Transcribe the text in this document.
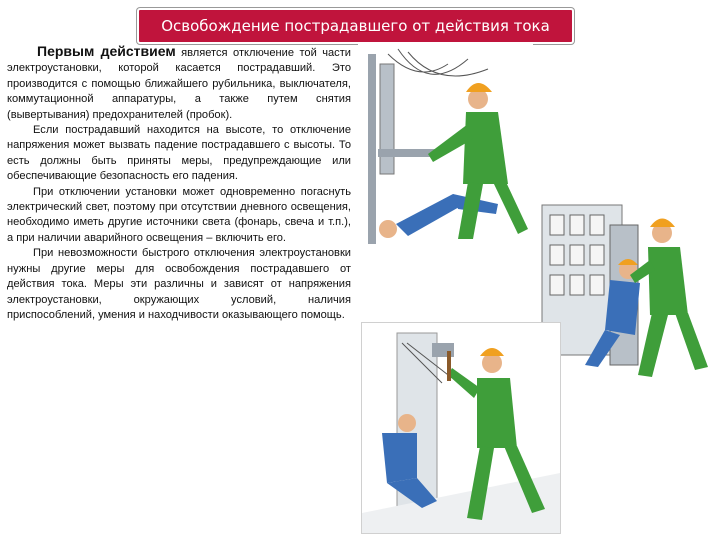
Освобождение пострадавшего от действия тока

Первым действием является отключение той части электроустановки, которой касается пострадавший. Это производится с помощью ближайшего рубильника, выключателя, коммутационной аппаратуры, а также путем снятия (вывертывания) предохранителей (пробок).

Если пострадавший находится на высоте, то отключение напряжения может вызвать падение пострадавшего с высоты. То есть должны быть приняты меры, предупреждающие или обеспечивающие безопасность его падения.

При отключении установки может одновременно погаснуть электрический свет, поэтому при отсутствии дневного освещения, необходимо иметь другие источники света (фонарь, свеча и т.п.), а при наличии аварийного освещения – включить его.

При невозможности быстрого отключения электроустановки нужны другие меры для освобождения пострадавшего от действия тока. Меры эти различны и зависят от напряжения электроустановки, окружающих условий, наличия приспособлений, умения и находчивости оказывающего помощь.
